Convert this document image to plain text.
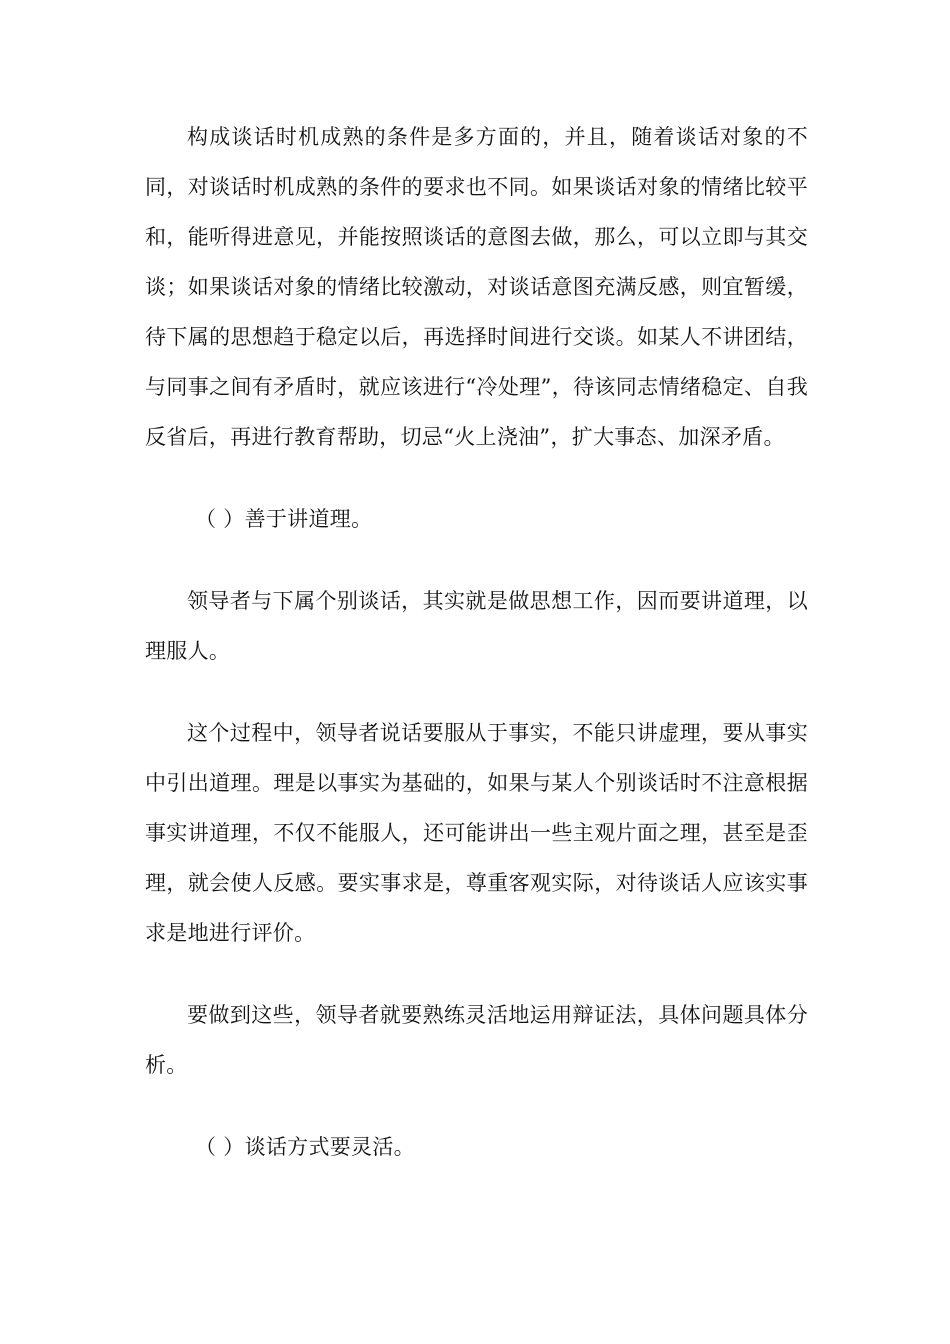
构成谈话时机成熟的条件是多方面的，并且，随着谈话对象的不同，对谈话时机成熟的条件的要求也不同。如果谈话对象的情绪比较平和，能听得进意见，并能按照谈话的意图去做，那么，可以立即与其交谈；如果谈话对象的情绪比较激动，对谈话意图充满反感，则宜暂缓，待下属的思想趋于稳定以后，再选择时间进行交谈。如某人不讲团结，与同事之间有矛盾时，就应该进行“冷处理”，待该同志情绪稳定、自我反省后，再进行教育帮助，切忌“火上浇油”，扩大事态、加深矛盾。

（ ）善于讲道理。

领导者与下属个别谈话，其实就是做思想工作，因而要讲道理，以理服人。

这个过程中，领导者说话要服从于事实，不能只讲虚理，要从事实中引出道理。理是以事实为基础的，如果与某人个别谈话时不注意根据事实讲道理，不仅不能服人，还可能讲出一些主观片面之理，甚至是歪理，就会使人反感。要实事求是，尊重客观实际，对待谈话人应该实事求是地进行评价。

要做到这些，领导者就要熟练灵活地运用辩证法，具体问题具体分析。

（ ）谈话方式要灵活。
